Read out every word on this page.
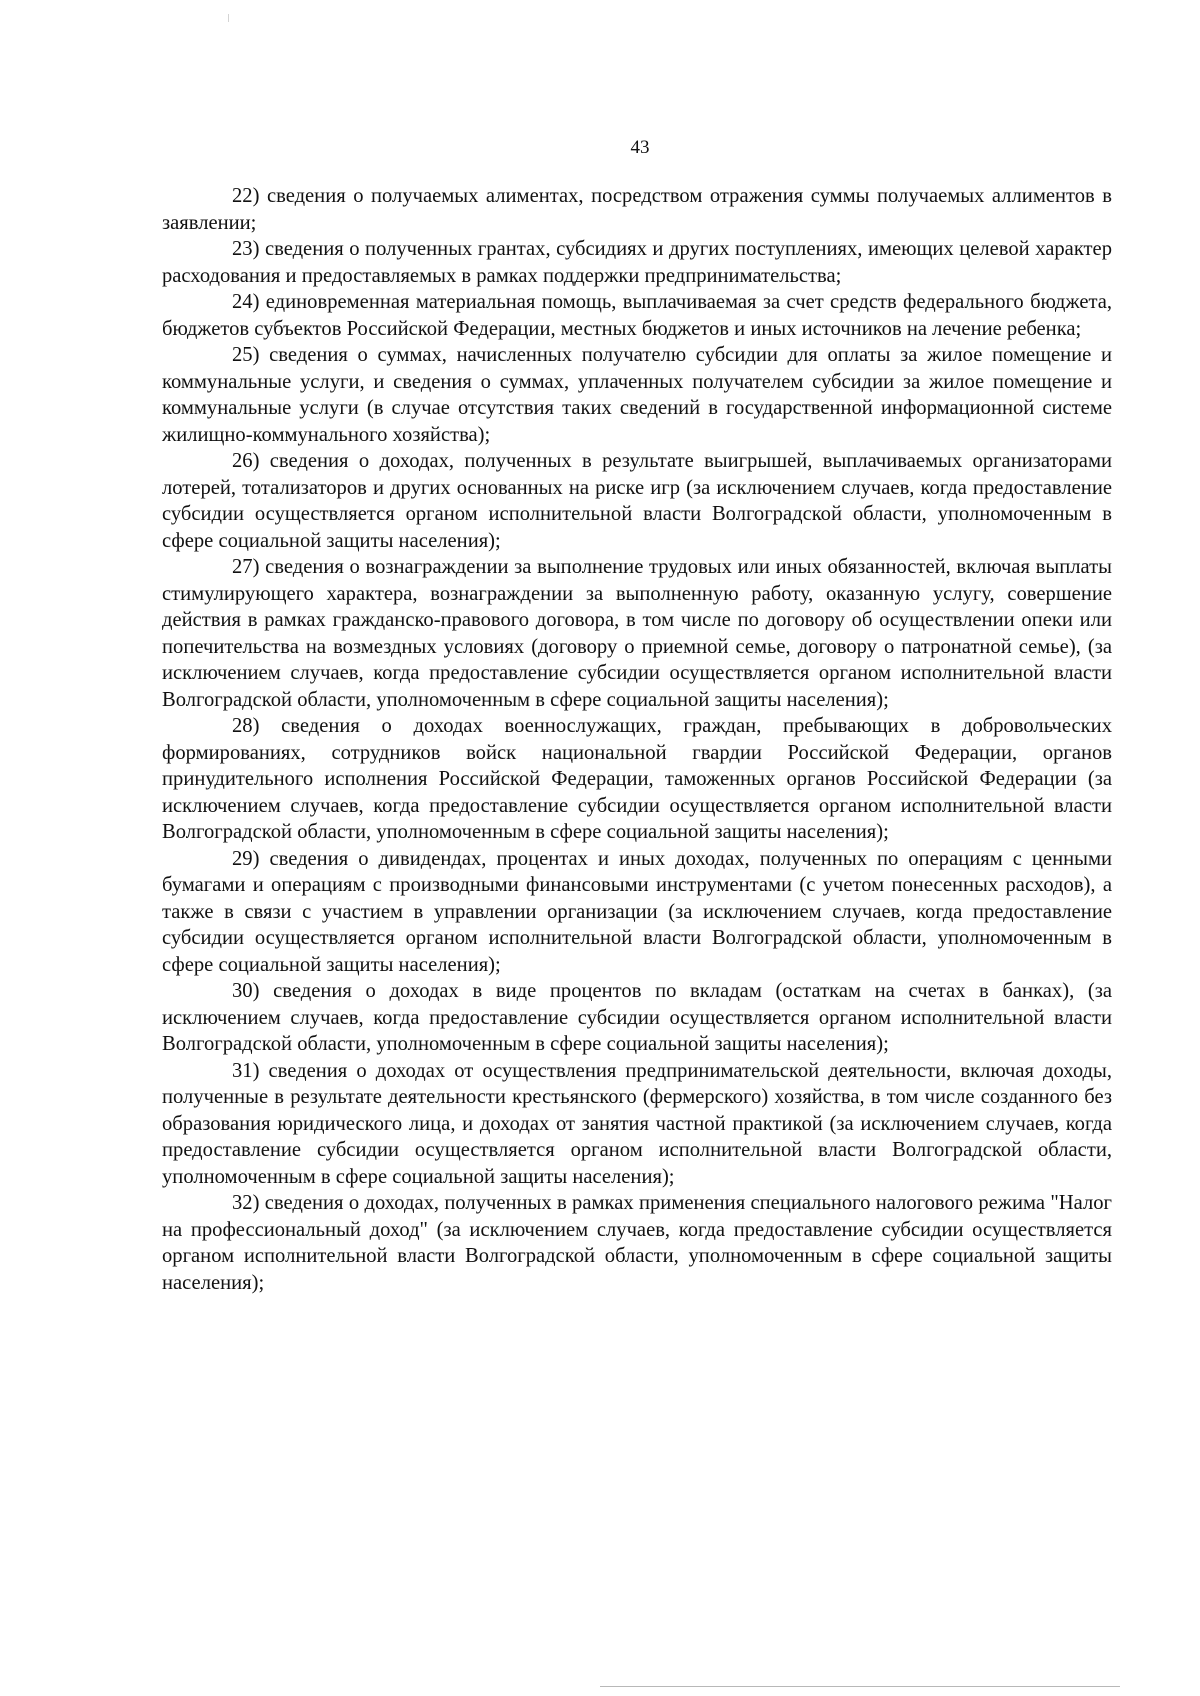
43

22) сведения о получаемых алиментах, посредством отражения суммы получаемых аллиментов в заявлении;

23) сведения о полученных грантах, субсидиях и других поступлениях, имеющих целевой характер расходования и предоставляемых в рамках поддержки предпринимательства;

24) единовременная материальная помощь, выплачиваемая за счет средств федерального бюджета, бюджетов субъектов Российской Федерации, местных бюджетов и иных источников на лечение ребенка;

25) сведения о суммах, начисленных получателю субсидии для оплаты за жилое помещение и коммунальные услуги, и сведения о суммах, уплаченных получателем субсидии за жилое помещение и коммунальные услуги (в случае отсутствия таких сведений в государственной информационной системе жилищно-коммунального хозяйства);

26) сведения о доходах, полученных в результате выигрышей, выплачиваемых организаторами лотерей, тотализаторов и других основанных на риске игр (за исключением случаев, когда предоставление субсидии осуществляется органом исполнительной власти Волгоградской области, уполномоченным в сфере социальной защиты населения);

27) сведения о вознаграждении за выполнение трудовых или иных обязанностей, включая выплаты стимулирующего характера, вознаграждении за выполненную работу, оказанную услугу, совершение действия в рамках гражданско-правового договора, в том числе по договору об осуществлении опеки или попечительства на возмездных условиях (договору о приемной семье, договору о патронатной семье), (за исключением случаев, когда предоставление субсидии осуществляется органом исполнительной власти Волгоградской области, уполномоченным в сфере социальной защиты населения);

28) сведения о доходах военнослужащих, граждан, пребывающих в добровольческих формированиях, сотрудников войск национальной гвардии Российской Федерации, органов принудительного исполнения Российской Федерации, таможенных органов Российской Федерации (за исключением случаев, когда предоставление субсидии осуществляется органом исполнительной власти Волгоградской области, уполномоченным в сфере социальной защиты населения);

29) сведения о дивидендах, процентах и иных доходах, полученных по операциям с ценными бумагами и операциям с производными финансовыми инструментами (с учетом понесенных расходов), а также в связи с участием в управлении организации (за исключением случаев, когда предоставление субсидии осуществляется органом исполнительной власти Волгоградской области, уполномоченным в сфере социальной защиты населения);

30) сведения о доходах в виде процентов по вкладам (остаткам на счетах в банках), (за исключением случаев, когда предоставление субсидии осуществляется органом исполнительной власти Волгоградской области, уполномоченным в сфере социальной защиты населения);

31) сведения о доходах от осуществления предпринимательской деятельности, включая доходы, полученные в результате деятельности крестьянского (фермерского) хозяйства, в том числе созданного без образования юридического лица, и доходах от занятия частной практикой (за исключением случаев, когда предоставление субсидии осуществляется органом исполнительной власти Волгоградской области, уполномоченным в сфере социальной защиты населения);

32) сведения о доходах, полученных в рамках применения специального налогового режима "Налог на профессиональный доход" (за исключением случаев, когда предоставление субсидии осуществляется органом исполнительной власти Волгоградской области, уполномоченным в сфере социальной защиты населения);
